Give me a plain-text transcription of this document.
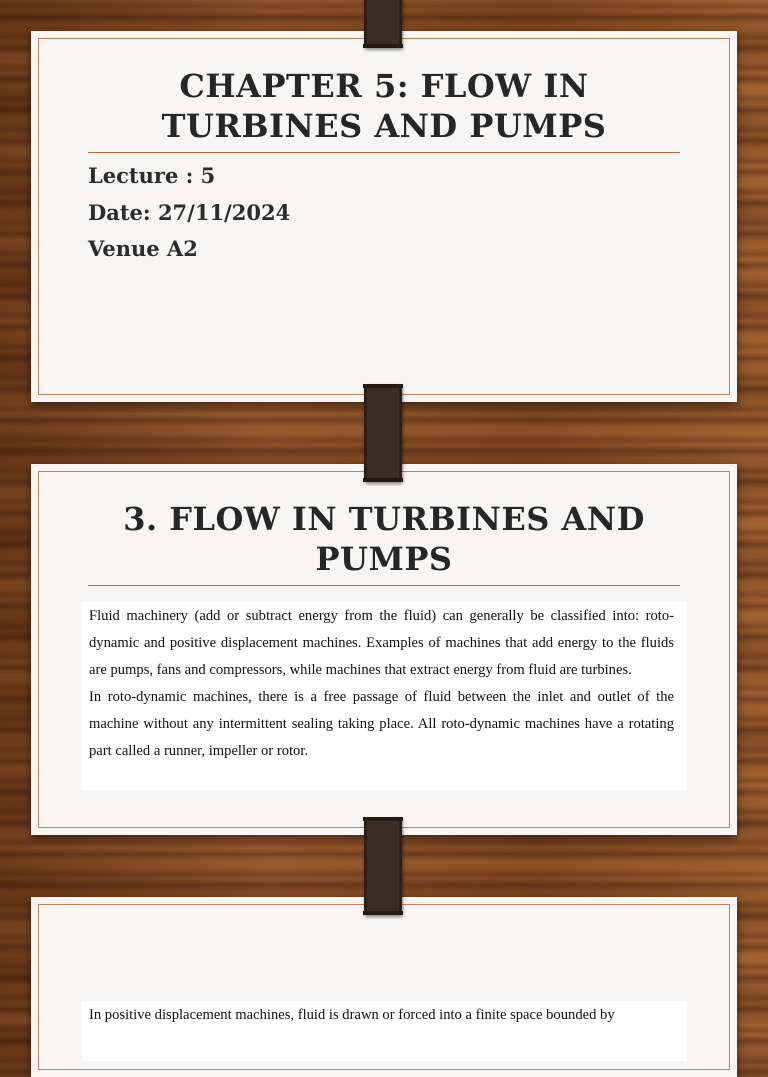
CHAPTER 5: FLOW IN
TURBINES AND PUMPS

Lecture : 5

Date: 27/11/2024

Venue A2

3. FLOW IN TURBINES AND
PUMPS

Fluid machinery (add or subtract energy from the fluid) can generally be classified into: roto-dynamic and positive displacement machines. Examples of machines that add energy to the fluids are pumps, fans and compressors, while machines that extract energy from fluid are turbines.

In roto-dynamic machines, there is a free passage of fluid between the inlet and outlet of the machine without any intermittent sealing taking place. All roto-dynamic machines have a rotating part called a runner, impeller or rotor.

In positive displacement machines, fluid is drawn or forced into a finite space bounded by
